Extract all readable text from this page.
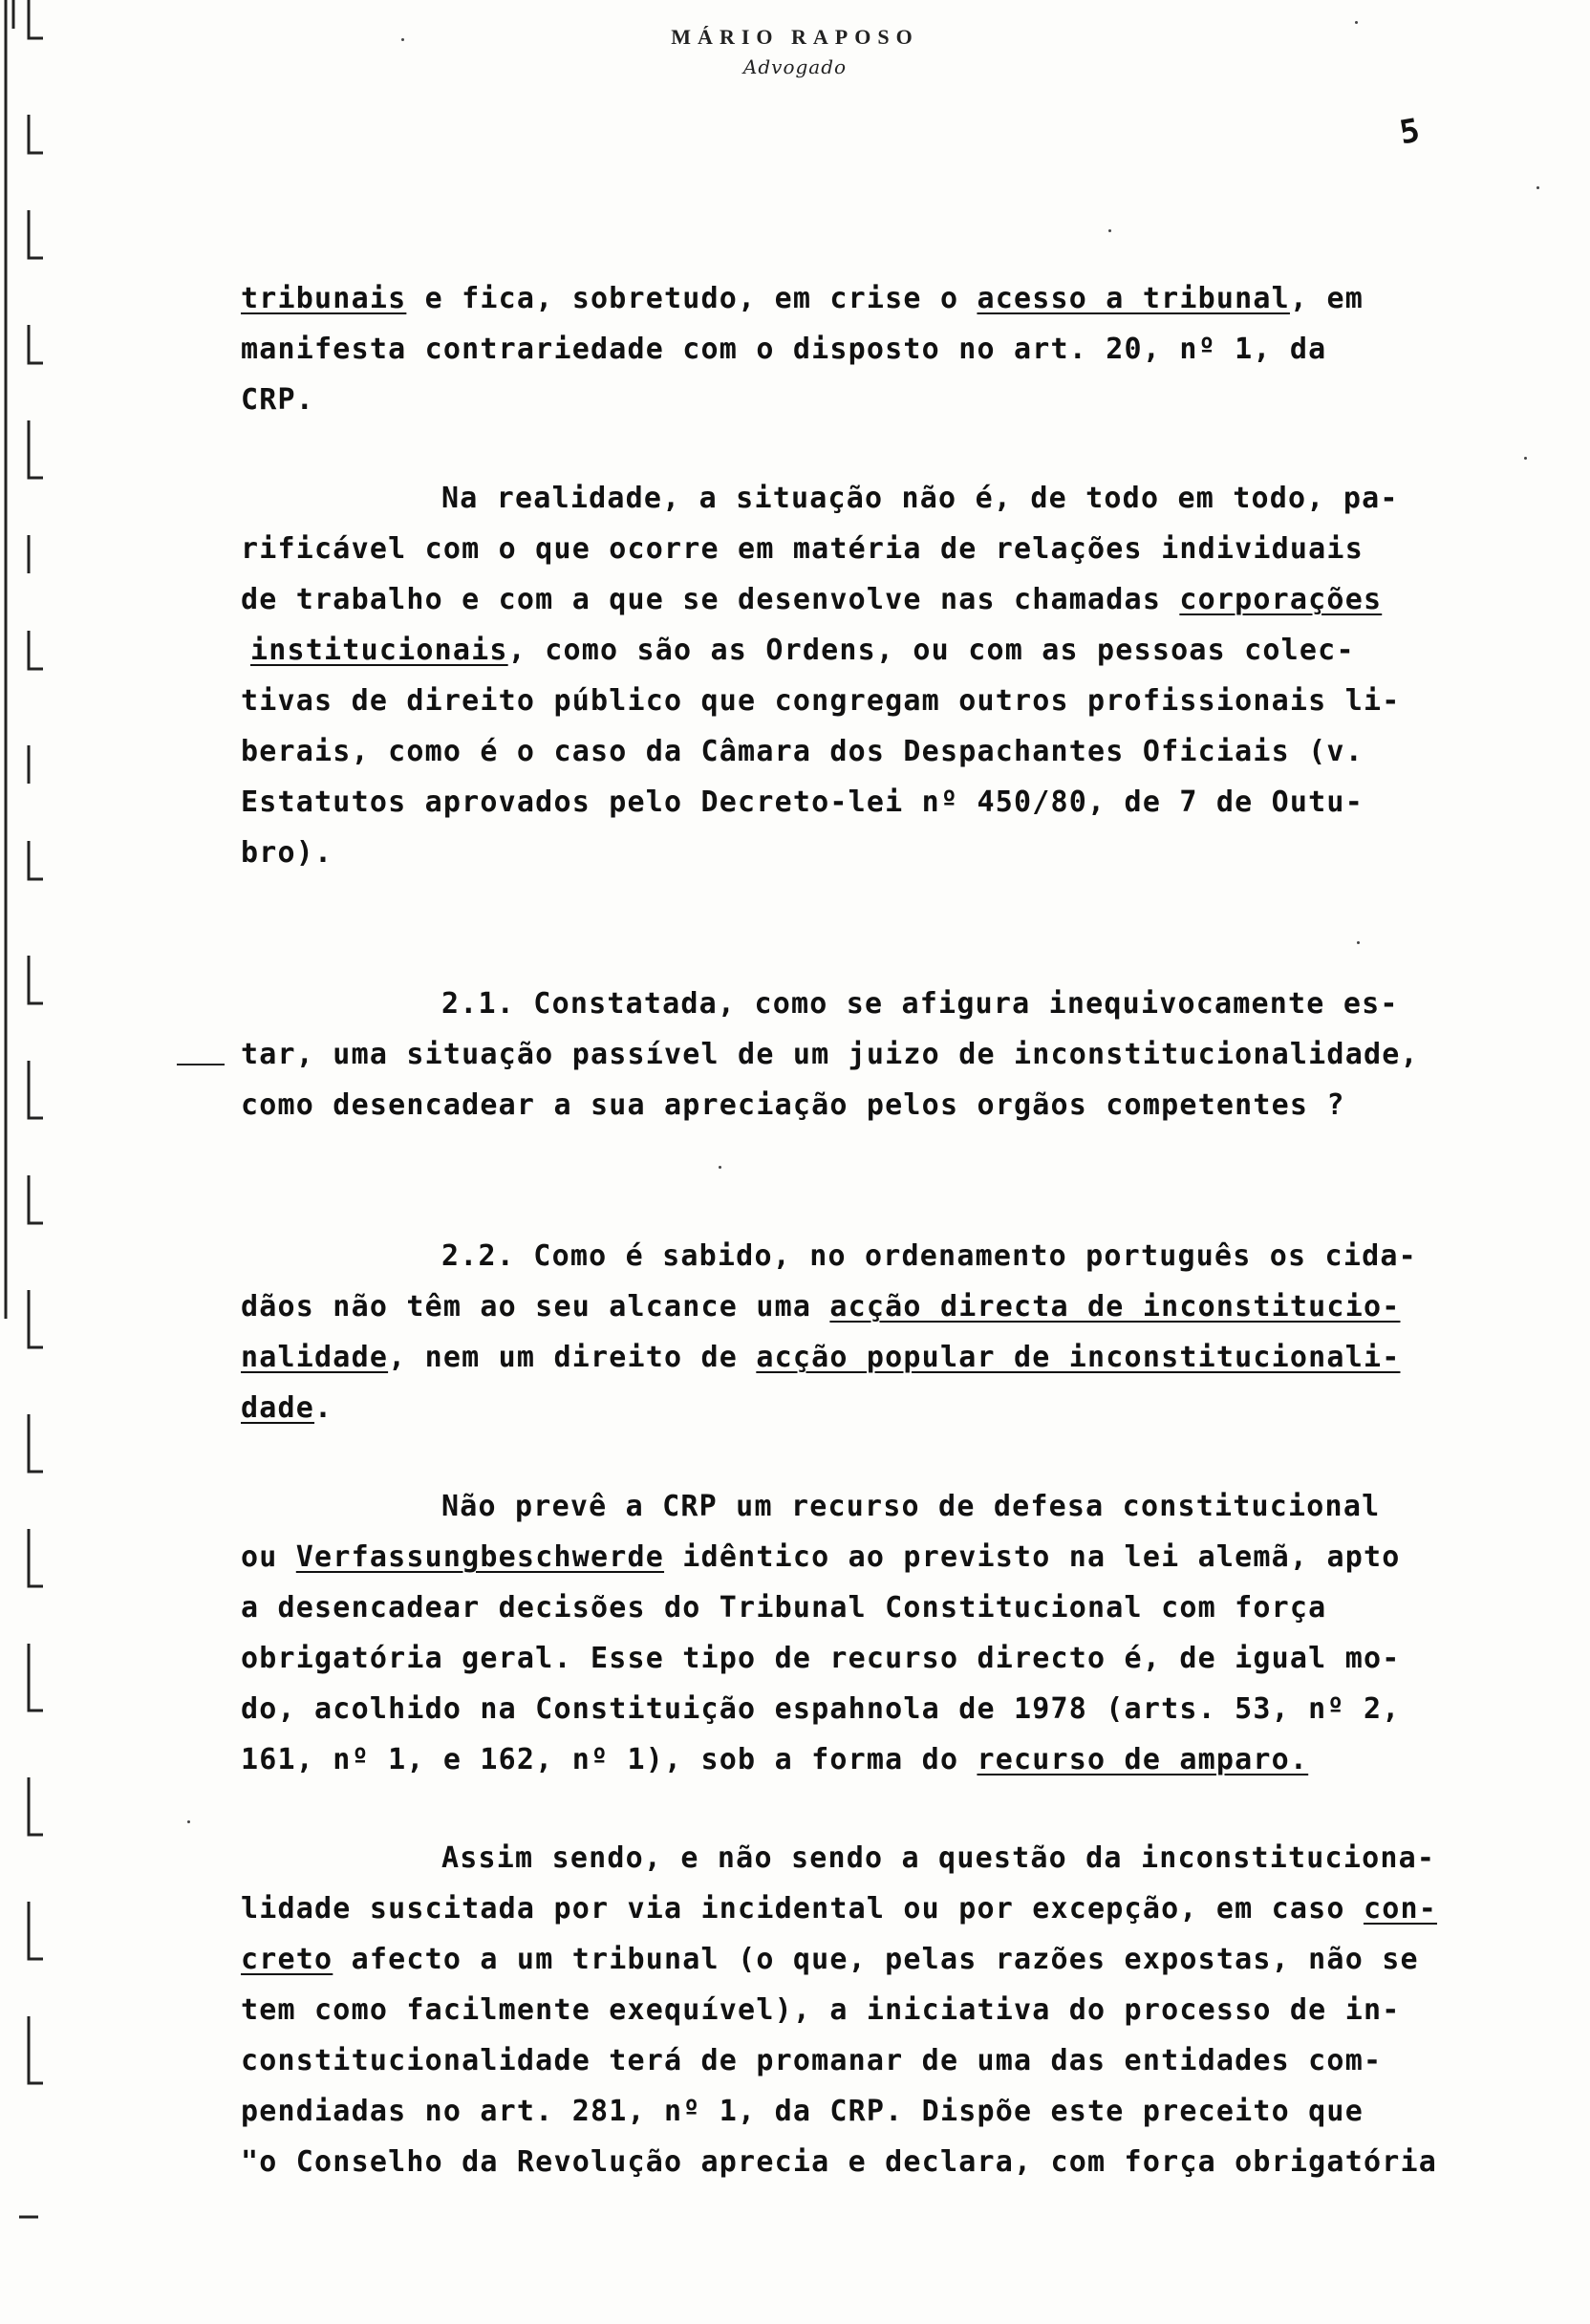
MÁRIO RAPOSO
Advogado
5
tribunais e fica, sobretudo, em crise o acesso a tribunal, em
manifesta contrariedade com o disposto no art. 20, nº 1, da
CRP.
Na realidade, a situação não é, de todo em todo, pa-
rificável com o que ocorre em matéria de relações individuais
de trabalho e com a que se desenvolve nas chamadas corporações
institucionais, como são as Ordens, ou com as pessoas colec-
tivas de direito público que congregam outros profissionais li-
berais, como é o caso da Câmara dos Despachantes Oficiais (v.
Estatutos aprovados pelo Decreto-lei nº 450/80, de 7 de Outu-
bro).
2.1. Constatada, como se afigura inequivocamente es-
tar, uma situação passível de um juizo de inconstitucionalidade,
como desencadear a sua apreciação pelos orgãos competentes ?
2.2. Como é sabido, no ordenamento português os cida-
dãos não têm ao seu alcance uma acção directa de inconstitucio-
nalidade, nem um direito de acção popular de inconstitucionali-
dade.
Não prevê a CRP um recurso de defesa constitucional
ou Verfassungbeschwerde idêntico ao previsto na lei alemã, apto
a desencadear decisões do Tribunal Constitucional com força
obrigatória geral. Esse tipo de recurso directo é, de igual mo-
do, acolhido na Constituição espahnola de 1978 (arts. 53, nº 2,
161, nº 1, e 162, nº 1), sob a forma do recurso de amparo.
Assim sendo, e não sendo a questão da inconstituciona-
lidade suscitada por via incidental ou por excepção, em caso con-
creto afecto a um tribunal (o que, pelas razões expostas, não se
tem como facilmente exequível), a iniciativa do processo de in-
constitucionalidade terá de promanar de uma das entidades com-
pendiadas no art. 281, nº 1, da CRP. Dispõe este preceito que
"o Conselho da Revolução aprecia e declara, com força obrigatória
